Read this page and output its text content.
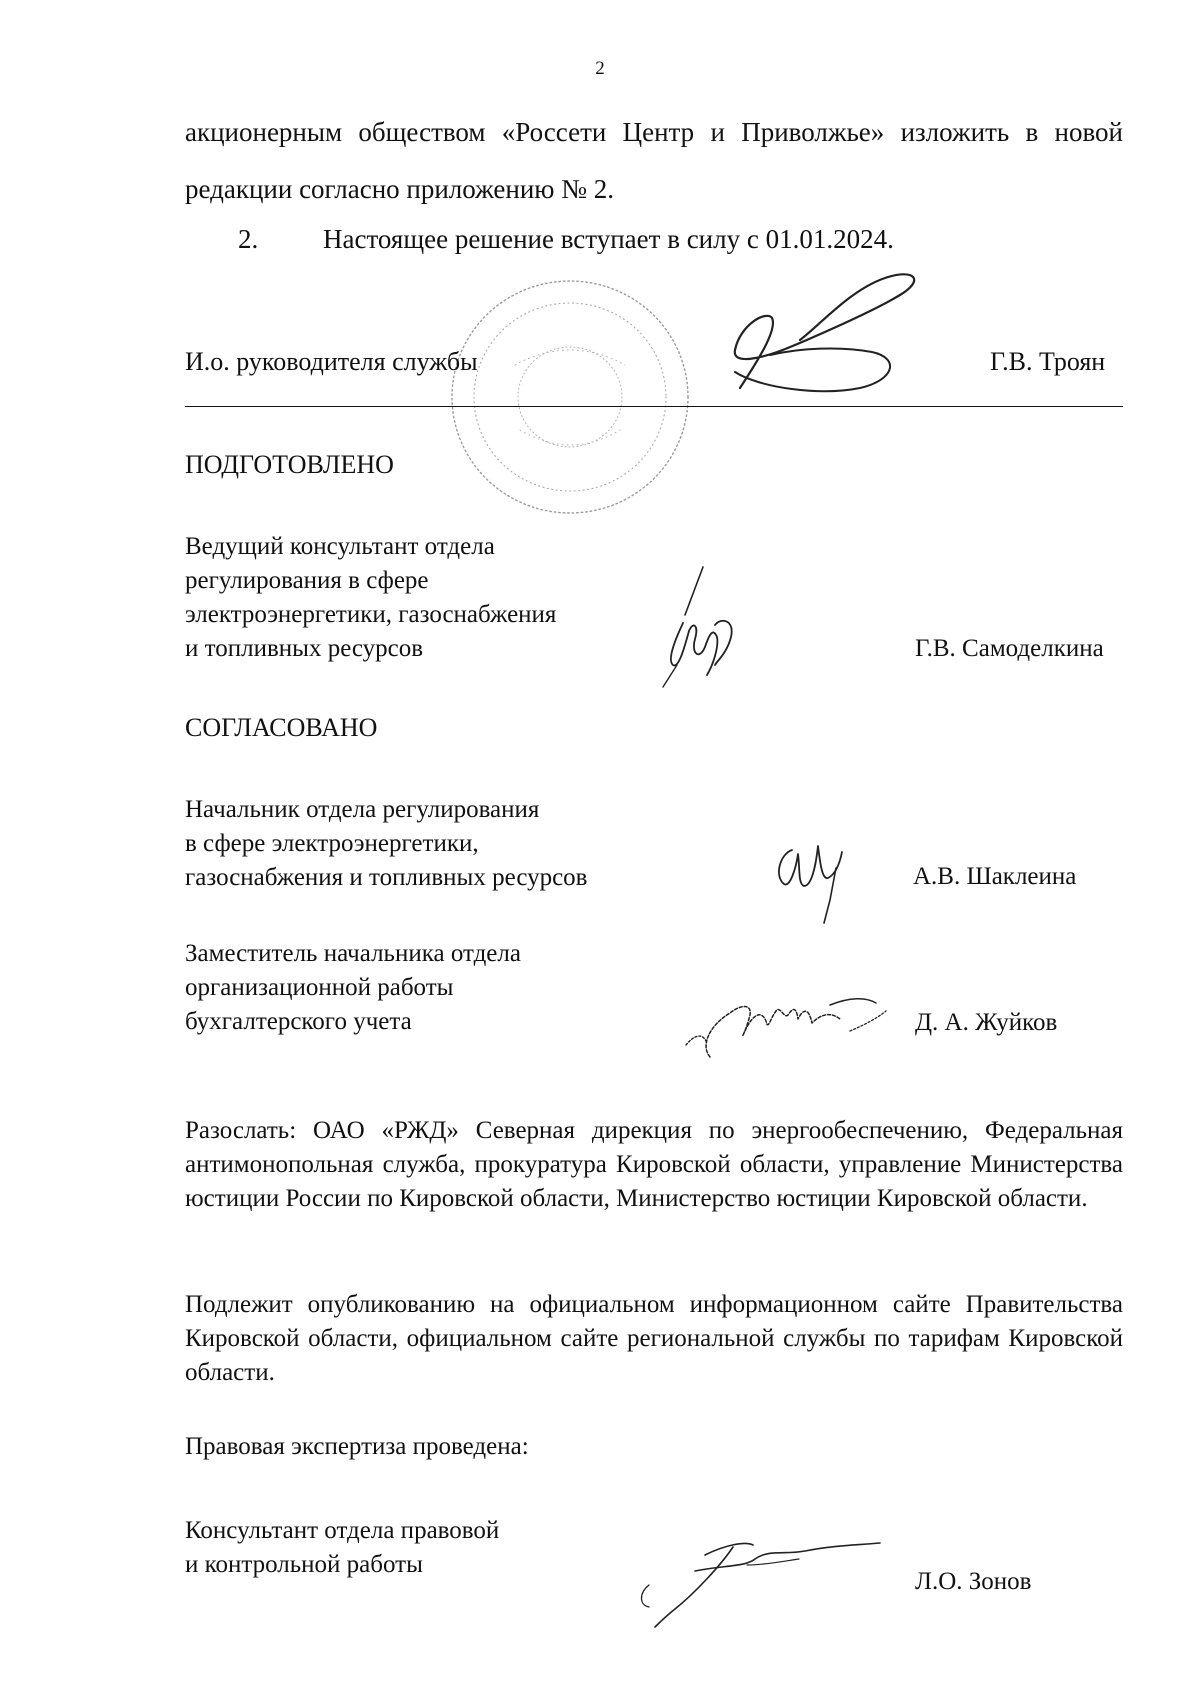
2
акционерным обществом «Россети Центр и Приволжье» изложить в новой
редакции согласно приложению № 2.
2. Настоящее решение вступает в силу с 01.01.2024.
И.о. руководителя службы	Г.В. Троян
ПОДГОТОВЛЕНО
Ведущий консультант отдела
регулирования в сфере
электроэнергетики, газоснабжения
и топливных ресурсов	Г.В. Самоделкина
СОГЛАСОВАНО
Начальник отдела регулирования
в сфере электроэнергетики,
газоснабжения и топливных ресурсов	А.В. Шаклеина
Заместитель начальника отдела
организационной работы
бухгалтерского учета	Д. А. Жуйков
Разослать: ОАО «РЖД» Северная дирекция по энергообеспечению, Федеральная антимонопольная служба, прокуратура Кировской области, управление Министерства юстиции России по Кировской области, Министерство юстиции Кировской области.
Подлежит опубликованию на официальном информационном сайте Правительства Кировской области, официальном сайте региональной службы по тарифам Кировской области.
Правовая экспертиза проведена:
Консультант отдела правовой
и контрольной работы
Л.О. Зонов
